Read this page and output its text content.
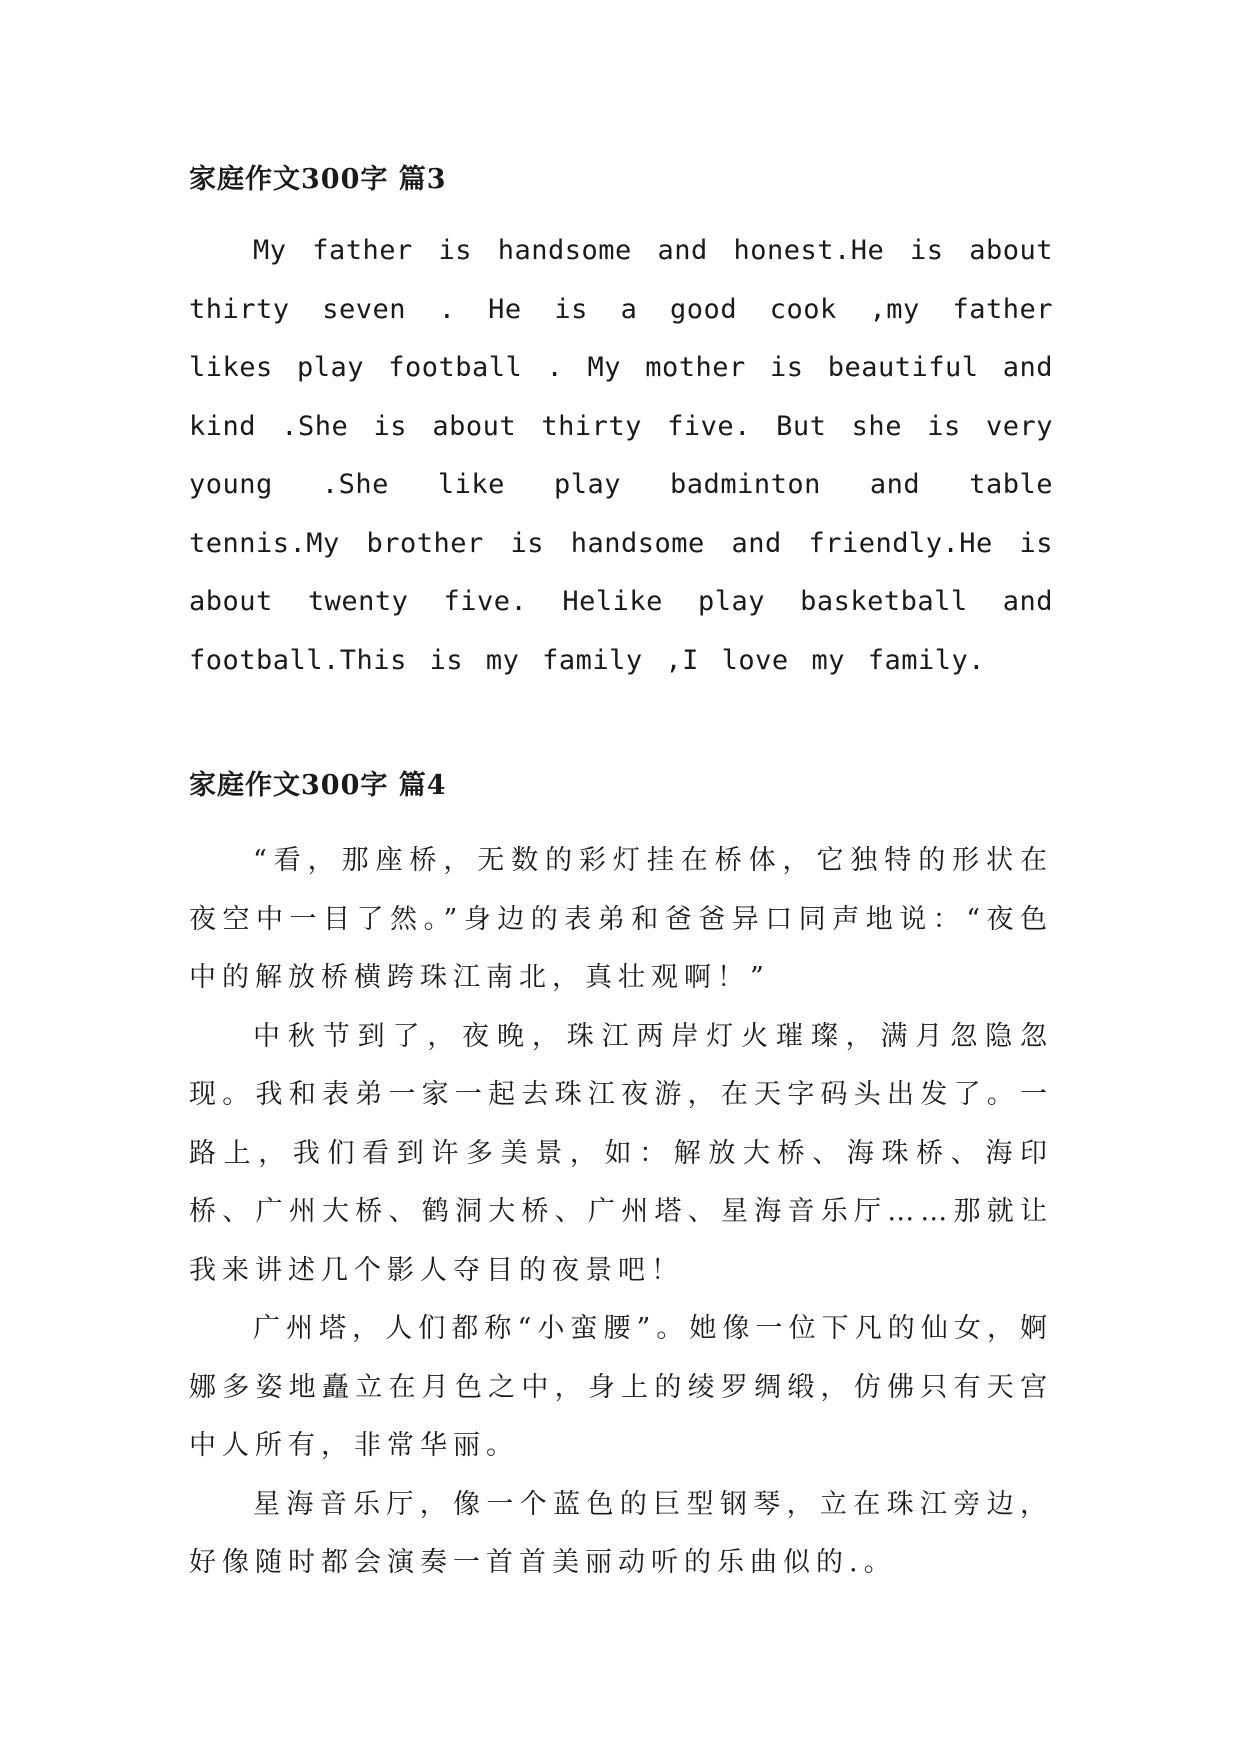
家庭作文300字 篇3

My father is handsome and honest.He is about thirty seven . He is a good cook ,my father likes play football . My mother is beautiful and kind .She is about thirty five. But she is very young .She like play badminton and table tennis.My brother is handsome and friendly.He is about twenty five. Helike play basketball and football.This is my family ,I love my family.

家庭作文300字 篇4

“看，那座桥，无数的彩灯挂在桥体，它独特的形状在夜空中一目了然。”身边的表弟和爸爸异口同声地说：“夜色中的解放桥横跨珠江南北，真壮观啊！”

中秋节到了，夜晚，珠江两岸灯火璀璨，满月忽隐忽现。我和表弟一家一起去珠江夜游，在天字码头出发了。一路上，我们看到许多美景，如：解放大桥、海珠桥、海印桥、广州大桥、鹤洞大桥、广州塔、星海音乐厅……那就让我来讲述几个影人夺目的夜景吧！

广州塔，人们都称“小蛮腰”。她像一位下凡的仙女，婀娜多姿地矗立在月色之中，身上的绫罗绸缎，仿佛只有天宫中人所有，非常华丽。

星海音乐厅，像一个蓝色的巨型钢琴，立在珠江旁边，好像随时都会演奏一首首美丽动听的乐曲似的.。
